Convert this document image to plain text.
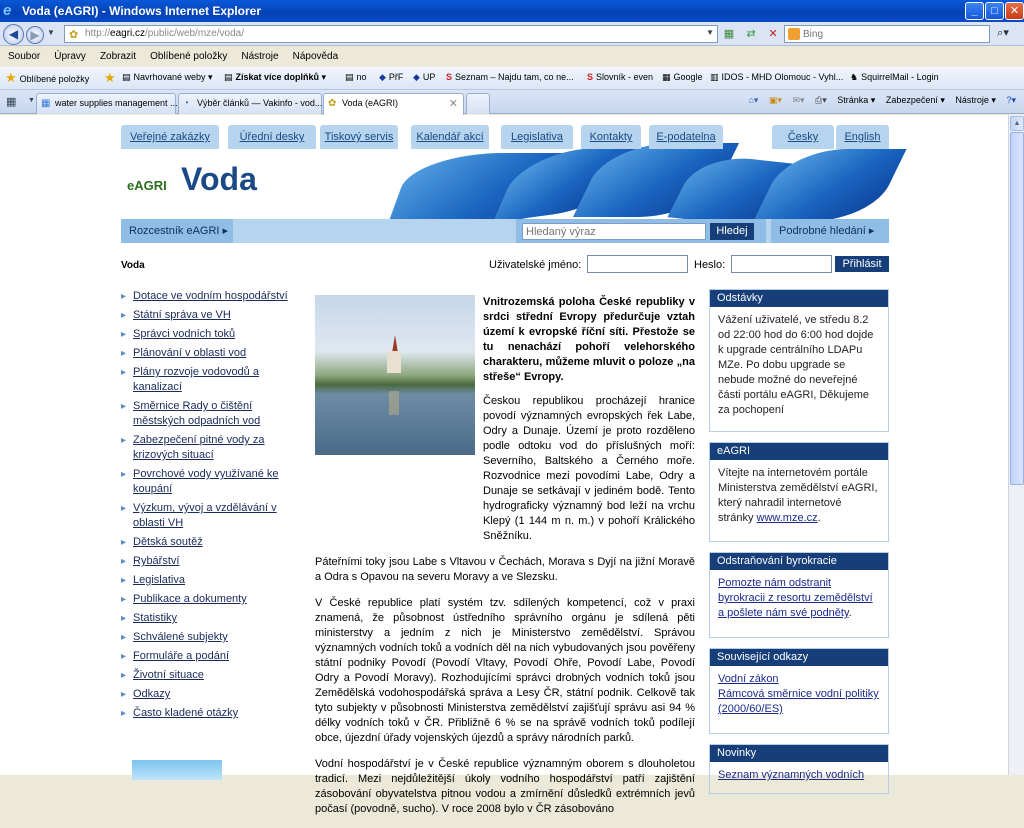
e Voda (eAGRI) - Windows Internet Explorer	_	□	✕
◀	▶ ▼ ✿ http://eagri.cz/public/web/mze/voda/	▼ ▦ ⇄ ✕
Bing	⌕▾
Soubor Úpravy Zobrazit Oblíbené položky Nástroje Nápověda
★ Oblíbené položky ★ ▤ Navrhované weby ▾ ▤ Získat více doplňků ▾ ▤ no ◆ PřF ◆ UP S Seznam – Najdu tam, co ne... S Slovník - even ▦ Google ▥ IDOS - MHD Olomouc - Vyhl... ♞ SquirrelMail - Login
▦ ▼ ▦ water supplies management ... ◔ Výběr článků — Vakinfo - vod... ✿ Voda (eAGRI)	✕	⌂▾ ▣▾ ✉▾ ⎙▾ Stránka ▾ Zabezpečení ▾ Nástroje ▾ ?▾
Veřejné zakázky	Úřední desky	Tiskový servis	Kalendář akcí	Legislativa	Kontakty	E-podatelna	Česky	English
eAGRI Voda
Rozcestník eAGRI ▸
Hledaný výraz	Hledej	Podrobné hledání ▸
Voda	Uživatelské jméno:	Heslo:	Přihlásit
▸ Dotace ve vodním hospodářství
▸ Státní správa ve VH
▸ Správci vodních toků
▸ Plánování v oblasti vod
▸ Plány rozvoje vodovodů a kanalizací
▸ Směrnice Rady o čištění městských odpadních vod
▸ Zabezpečení pitné vody za krizových situací
▸ Povrchové vody využívané ke koupání
▸ Výzkum, vývoj a vzdělávání v oblasti VH
▸ Dětská soutěž
▸ Rybářství
▸ Legislativa
▸ Publikace a dokumenty
▸ Statistiky
▸ Schválené subjekty
▸ Formuláře a podání
▸ Životní situace
▸ Odkazy
▸ Často kladené otázky

Vnitrozemská poloha České republiky v srdci střední Evropy předurčuje vztah území k evropské říční síti. Přestože se tu nenachází pohoří velehorského charakteru, můžeme mluvit o poloze „na střeše“ Evropy.

Českou republikou procházejí hranice povodí významných evropských řek Labe, Odry a Dunaje. Území je proto rozděleno podle odtoku vod do příslušných moří: Severního, Baltského a Černého moře. Rozvodnice mezi povodími Labe, Odry a Dunaje se setkávají v jediném bodě. Tento hydrograficky významný bod leží na vrchu Klepý (1 144 m n. m.) v pohoří Králického Sněžníku.

Páteřními toky jsou Labe s Vltavou v Čechách, Morava s Dyjí na jižní Moravě a Odra s Opavou na severu Moravy a ve Slezsku.

V České republice platí systém tzv. sdílených kompetencí, což v praxi znamená, že působnost ústředního správního orgánu je sdílená pěti ministerstvy a jedním z nich je Ministerstvo zemědělství. Správou významných vodních toků a vodních děl na nich vybudovaných jsou pověřeny státní podniky Povodí (Povodí Vltavy, Povodí Ohře, Povodí Labe, Povodí Odry a Povodí Moravy). Rozhodujícími správci drobných vodních toků jsou Zemědělská vodohospodářská správa a Lesy ČR, státní podnik. Celkově tak tyto subjekty v působnosti Ministerstva zemědělství zajišťují správu asi 94 % délky vodních toků v ČR. Přibližně 6 % se na správě vodních toků podílejí obce, újezdní úřady vojenských újezdů a správy národních parků.

Vodní hospodářství je v České republice významným oborem s dlouholetou tradicí. Mezi nejdůležitější úkoly vodního hospodářství patří zajištění zásobování obyvatelstva pitnou vodou a zmírnění důsledků extrémních jevů počasí (povodně, sucho). V roce 2008 bylo v ČR zásobováno

Odstávky
Vážení uživatelé, ve středu 8.2 od 22:00 hod do 6:00 hod dojde k upgrade centrálního LDAPu MZe. Po dobu upgrade se nebude možné do neveřejné části portálu eAGRI, Děkujeme za pochopení
eAGRI
Vítejte na internetovém portále Ministerstva zemědělství eAGRI, který nahradil internetové stránky www.mze.cz.
Odstraňování byrokracie
Pomozte nám odstranit byrokracii z resortu zemědělství a pošlete nám své podněty.
Související odkazy
Vodní zákon
Rámcová směrnice vodní politiky (2000/60/ES)
Novinky
Seznam významných vodních
▲
